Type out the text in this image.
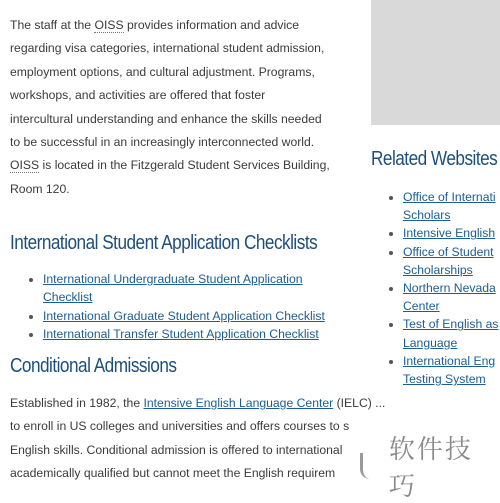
The staff at the OISS provides information and advice
regarding visa categories, international student admission,
employment options, and cultural adjustment. Programs,
workshops, and activities are offered that foster
intercultural understanding and enhance the skills needed
to be successful in an increasingly interconnected world.
OISS is located in the Fitzgerald Student Services Building,
Room 120.

International Student Application Checklists
• International Undergraduate Student Application Checklist
• International Graduate Student Application Checklist
• International Transfer Student Application Checklist
Conditional Admissions
Established in 1982, the Intensive English Language Center (IELC) ...
to enroll in US colleges and universities and offers courses to s
English skills. Conditional admission is offered to international
academically qualified but cannot meet the English requirem
Related Websites
• Office of Internati
Scholars
• Intensive English
• Office of Student
Scholarships
• Northern Nevada
Center
• Test of English as
Language
• International Eng
Testing System
软件技巧
